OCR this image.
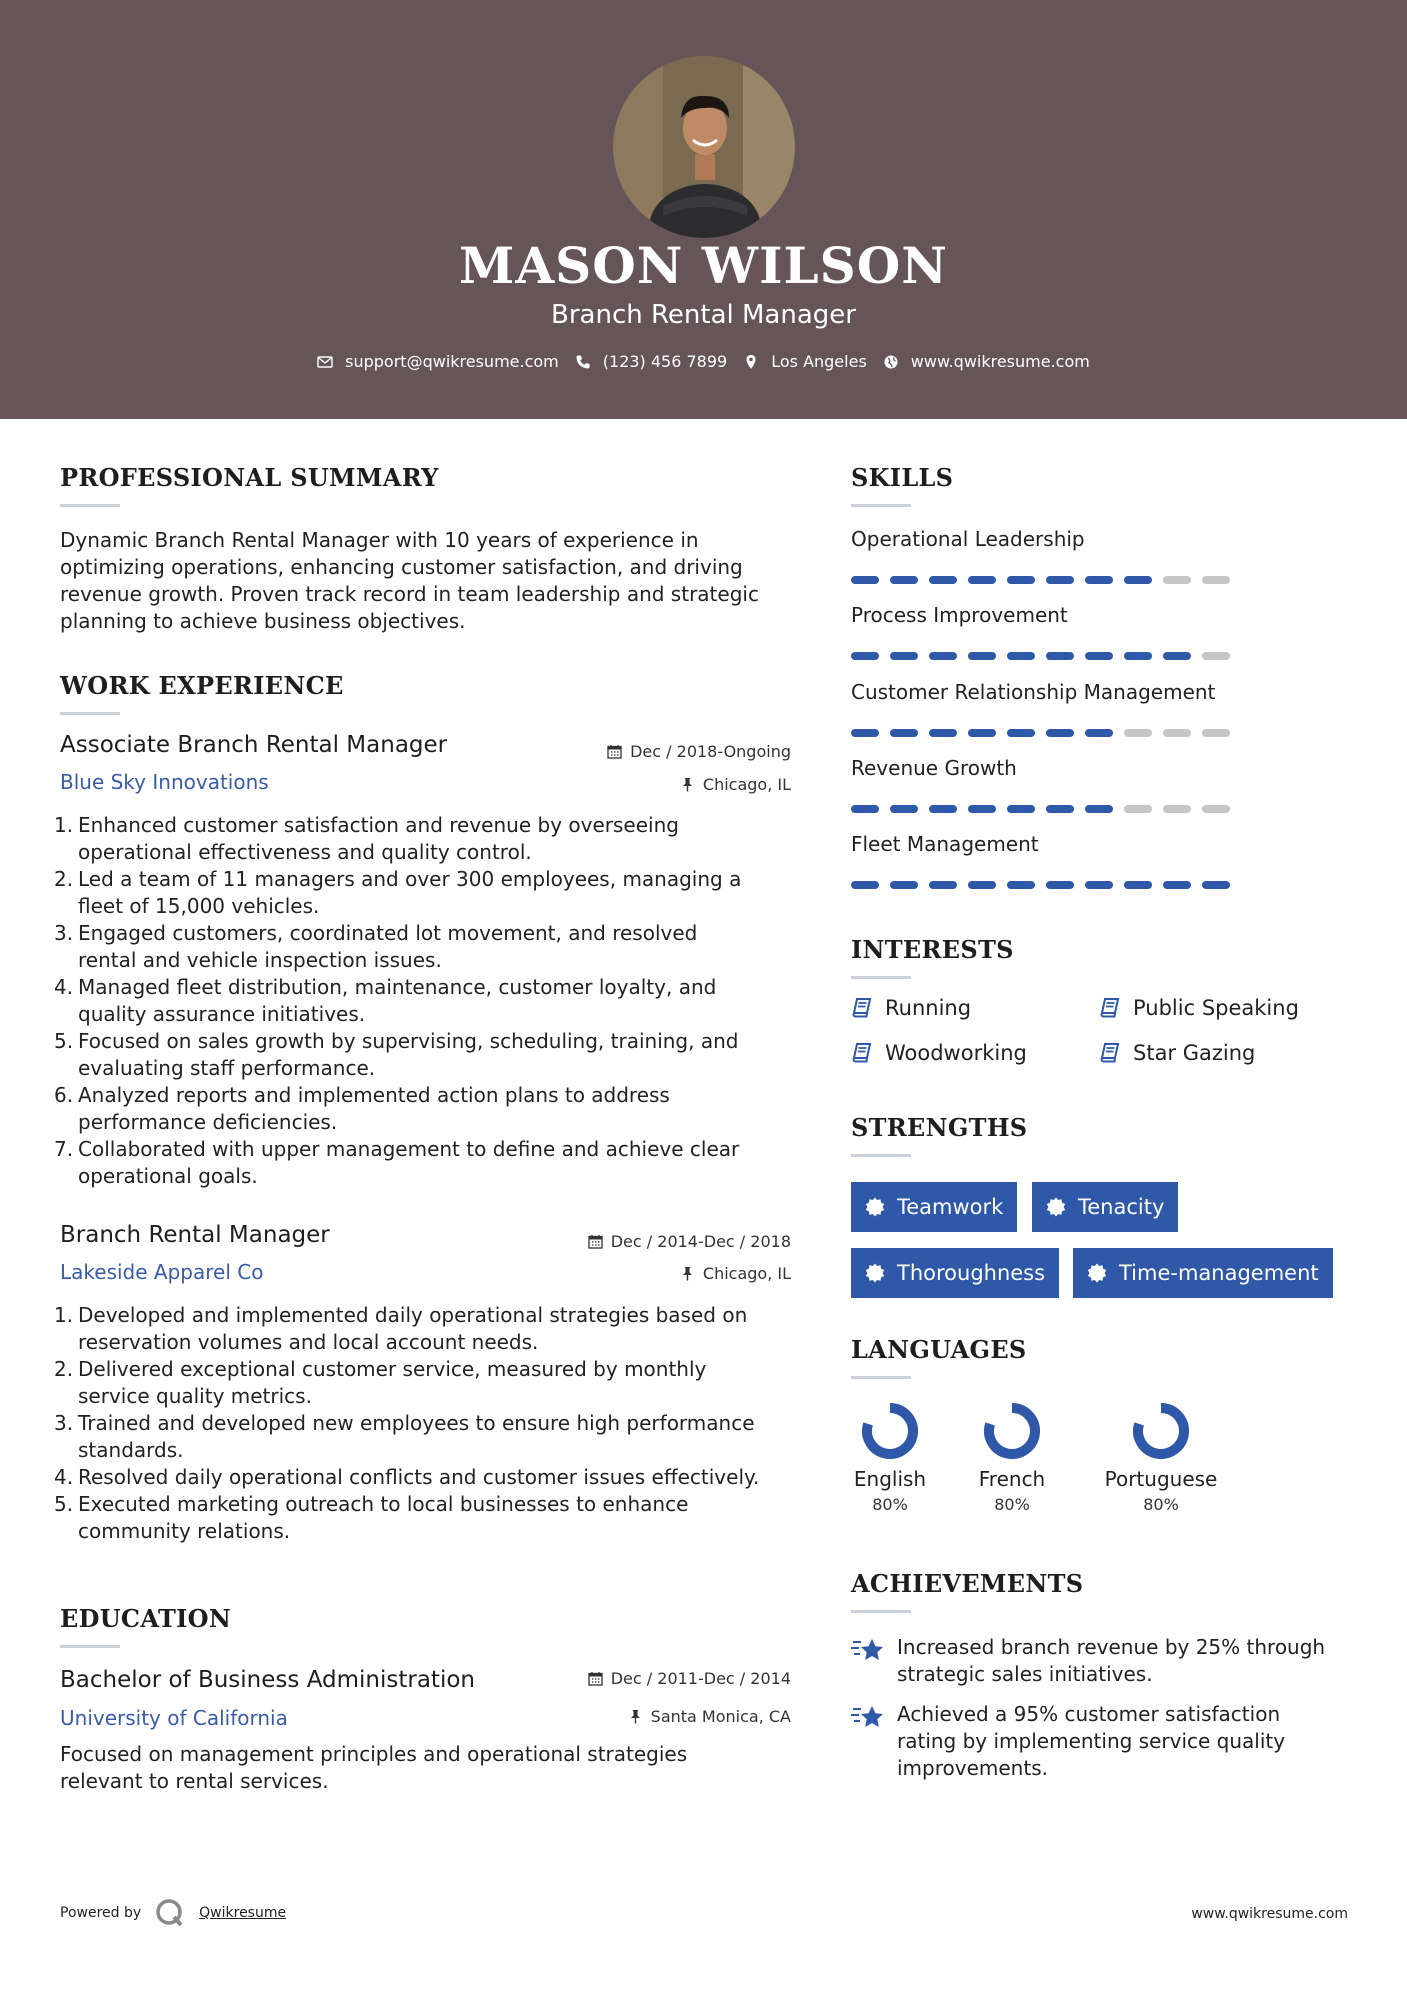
MASON WILSON
Branch Rental Manager
support@qwikresume.com	(123) 456 7899	Los Angeles	www.qwikresume.com
PROFESSIONAL SUMMARY
Dynamic Branch Rental Manager with 10 years of experience in
optimizing operations, enhancing customer satisfaction, and driving
revenue growth. Proven track record in team leadership and strategic
planning to achieve business objectives.
WORK EXPERIENCE
Associate Branch Rental Manager	Dec / 2018-Ongoing
Blue Sky Innovations	Chicago, IL
1. Enhanced customer satisfaction and revenue by overseeing
operational effectiveness and quality control.
2. Led a team of 11 managers and over 300 employees, managing a
fleet of 15,000 vehicles.
3. Engaged customers, coordinated lot movement, and resolved
rental and vehicle inspection issues.
4. Managed fleet distribution, maintenance, customer loyalty, and
quality assurance initiatives.
5. Focused on sales growth by supervising, scheduling, training, and
evaluating staff performance.
6. Analyzed reports and implemented action plans to address
performance deficiencies.
7. Collaborated with upper management to define and achieve clear
operational goals.
Branch Rental Manager	Dec / 2014-Dec / 2018
Lakeside Apparel Co	Chicago, IL
1. Developed and implemented daily operational strategies based on
reservation volumes and local account needs.
2. Delivered exceptional customer service, measured by monthly
service quality metrics.
3. Trained and developed new employees to ensure high performance
standards.
4. Resolved daily operational conflicts and customer issues effectively.
5. Executed marketing outreach to local businesses to enhance
community relations.
EDUCATION
Bachelor of Business Administration	Dec / 2011-Dec / 2014
University of California	Santa Monica, CA
Focused on management principles and operational strategies
relevant to rental services.
SKILLS
Operational Leadership
Process Improvement
Customer Relationship Management
Revenue Growth
Fleet Management
INTERESTS
Running	Public Speaking
Woodworking	Star Gazing
STRENGTHS
Teamwork	Tenacity
Thoroughness	Time-management
LANGUAGES
English
80%
French
80%
Portuguese
80%
ACHIEVEMENTS
Increased branch revenue by 25% through
strategic sales initiatives.
Achieved a 95% customer satisfaction
rating by implementing service quality
improvements.
Powered by	Qwikresume	www.qwikresume.com
